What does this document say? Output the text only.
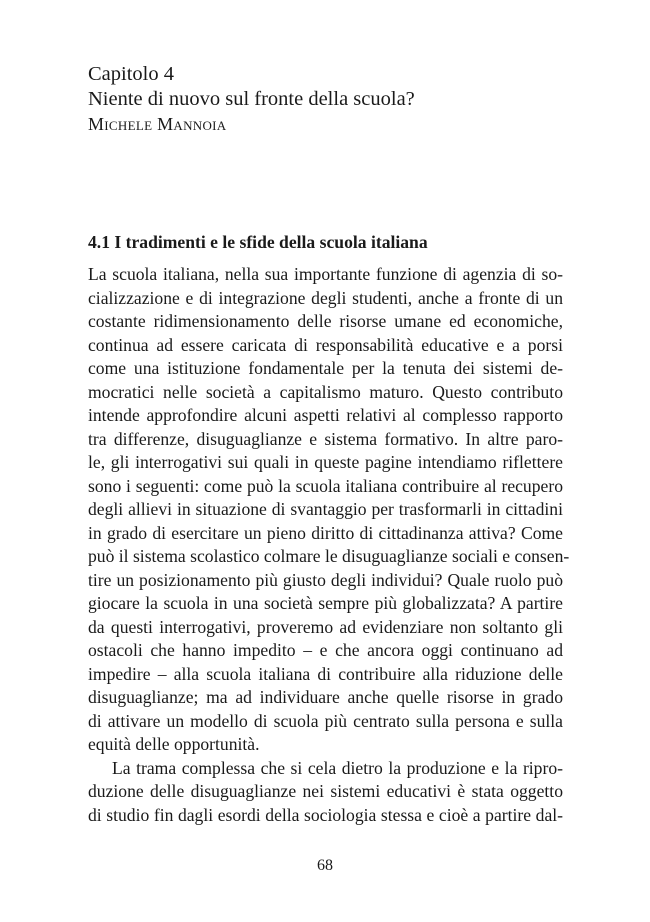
Capitolo 4
Niente di nuovo sul fronte della scuola?
Michele Mannoia
4.1 I tradimenti e le sfide della scuola italiana
La scuola italiana, nella sua importante funzione di agenzia di so-
cializzazione e di integrazione degli studenti, anche a fronte di un
costante ridimensionamento delle risorse umane ed economiche,
continua ad essere caricata di responsabilità educative e a porsi
come una istituzione fondamentale per la tenuta dei sistemi de-
mocratici nelle società a capitalismo maturo. Questo contributo
intende approfondire alcuni aspetti relativi al complesso rapporto
tra differenze, disuguaglianze e sistema formativo. In altre paro-
le, gli interrogativi sui quali in queste pagine intendiamo riflettere
sono i seguenti: come può la scuola italiana contribuire al recupero
degli allievi in situazione di svantaggio per trasformarli in cittadini
in grado di esercitare un pieno diritto di cittadinanza attiva? Come
può il sistema scolastico colmare le disuguaglianze sociali e consen-
tire un posizionamento più giusto degli individui? Quale ruolo può
giocare la scuola in una società sempre più globalizzata? A partire
da questi interrogativi, proveremo ad evidenziare non soltanto gli
ostacoli che hanno impedito – e che ancora oggi continuano ad
impedire – alla scuola italiana di contribuire alla riduzione delle
disuguaglianze; ma ad individuare anche quelle risorse in grado
di attivare un modello di scuola più centrato sulla persona e sulla
equità delle opportunità.
La trama complessa che si cela dietro la produzione e la ripro-
duzione delle disuguaglianze nei sistemi educativi è stata oggetto
di studio fin dagli esordi della sociologia stessa e cioè a partire dal-
68
